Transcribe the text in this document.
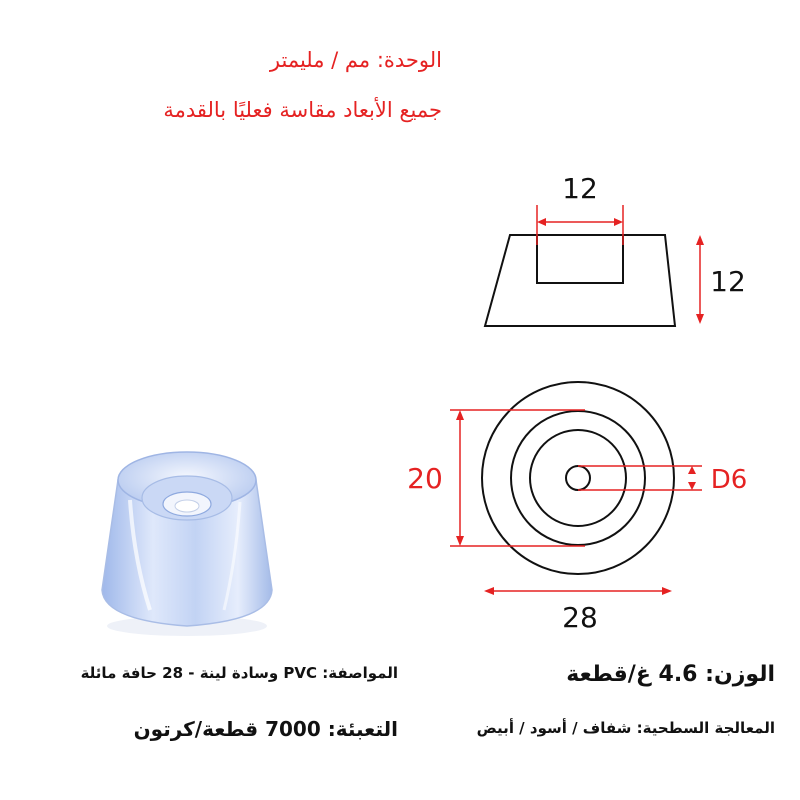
الوحدة: مم / مليمتر
جميع الأبعاد مقاسة فعليًا بالقدمة
12
12
20	D6
28
الوزن: 4.6 غ/قطعة
المواصفة: PVC وسادة لينة - 28 حافة مائلة
المعالجة السطحية: شفاف / أسود / أبيض
التعبئة: 7000 قطعة/كرتون
